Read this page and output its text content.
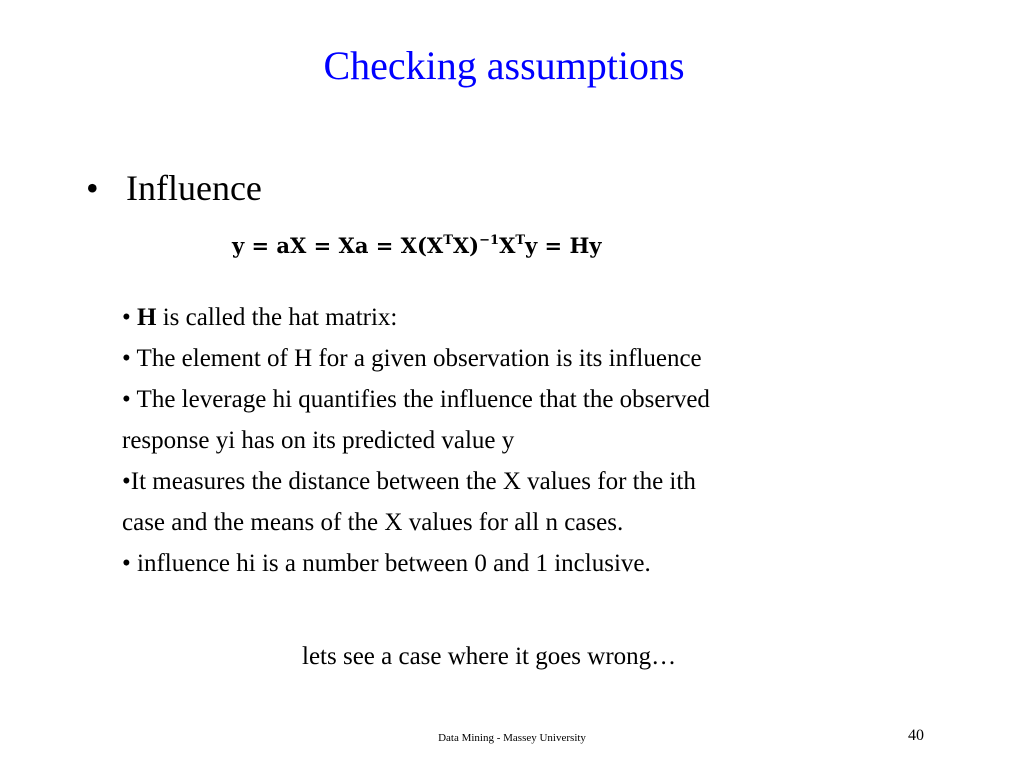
Checking assumptions
• Influence
y = aX = $Xa = X(X^TX)^{-1}X^Ty = Hy$
• H is called the hat matrix:
• The element of H for a given observation is its influence
• The leverage hi quantifies the influence that the observed
response yi has on its predicted value y
•It measures the distance between the X values for the ith
case and the means of the X values for all n cases.
• influence hi is a number between 0 and 1 inclusive.
lets see a case where it goes wrong…
Data Mining - Massey University	40
